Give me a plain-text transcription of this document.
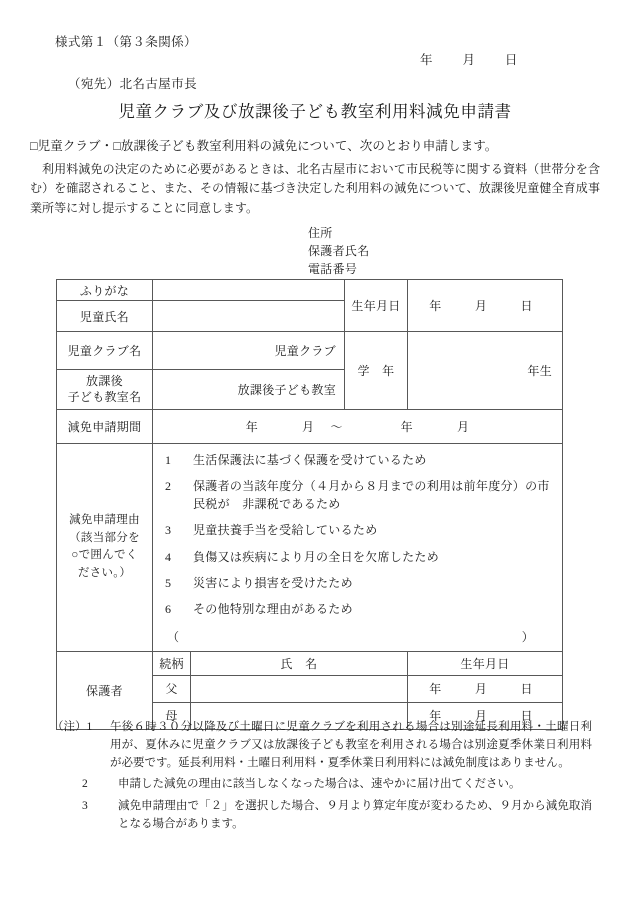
様式第１（第３条関係）
年 月 日
（宛先）北名古屋市長
児童クラブ及び放課後子ども教室利用料減免申請書
□児童クラブ・□放課後子ども教室利用料の減免について、次のとおり申請します。
利用料減免の決定のために必要があるときは、北名古屋市において市民税等に関する資料（世帯分を含む）を確認されること、また、その情報に基づき決定した利用料の減免について、放課後児童健全育成事業所等に対し提示することに同意します。
住所
保護者氏名
電話番号
ふりがな			生年月日	年 月 日
児童氏名				
児童クラブ名	児童クラブ		学　年	年生

放課後
子ども教室名	放課後子ども教室			
減免申請期間	年 月 ～ 年 月			

減免申請理由
（該当部分を
○で囲んでく
ださい。）

1 生活保護法に基づく保護を受けているため
2 保護者の当該年度分（４月から８月までの利用は前年度分）の市民税が　非課税であるため
3 児童扶養手当を受給しているため
4 負傷又は疾病により月の全日を欠席したため
5 災害により損害を受けたため
6 その他特別な理由があるため
（	）

保護者	続柄	氏　名		生年月日
	父			年 月 日
	母			年 月 日
（注）1 午後６時３０分以降及び土曜日に児童クラブを利用される場合は別途延長利用料・土曜日利用が、夏休みに児童クラブ又は放課後子ども教室を利用される場合は別途夏季休業日利用料が必要です。延長利用料・土曜日利用料・夏季休業日利用料には減免制度はありません。

2	申請した減免の理由に該当しなくなった場合は、速やかに届け出てください。

3	減免申請理由で「２」を選択した場合、９月より算定年度が変わるため、９月から減免取消となる場合があります。
